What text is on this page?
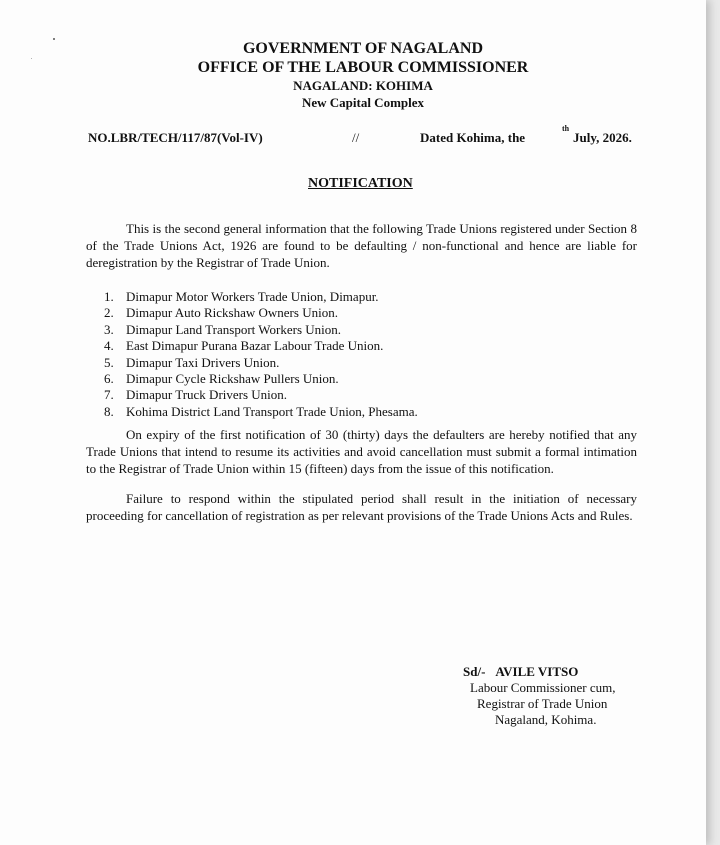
GOVERNMENT OF NAGALAND
OFFICE OF THE LABOUR COMMISSIONER
NAGALAND: KOHIMA
New Capital Complex
NO.LBR/TECH/117/87(Vol-IV)	//	Dated Kohima, the
th
July, 2026.
NOTIFICATION

This is the second general information that the following Trade Unions registered under Section 8 of the Trade Unions Act, 1926 are found to be defaulting / non-functional and hence are liable for deregistration by the Registrar of Trade Union.

1. Dimapur Motor Workers Trade Union, Dimapur.
2. Dimapur Auto Rickshaw Owners Union.
3. Dimapur Land Transport Workers Union.
4. East Dimapur Purana Bazar Labour Trade Union.
5. Dimapur Taxi Drivers Union.
6. Dimapur Cycle Rickshaw Pullers Union.
7. Dimapur Truck Drivers Union.
8. Kohima District Land Transport Trade Union, Phesama.

On expiry of the first notification of 30 (thirty) days the defaulters are hereby notified that any Trade Unions that intend to resume its activities and avoid cancellation must submit a formal intimation to the Registrar of Trade Union within 15 (fifteen) days from the issue of this notification.

Failure to respond within the stipulated period shall result in the initiation of necessary proceeding for cancellation of registration as per relevant provisions of the Trade Unions Acts and Rules.

Sd/- AVILE VITSO
Labour Commissioner cum,
Registrar of Trade Union
Nagaland, Kohima.
